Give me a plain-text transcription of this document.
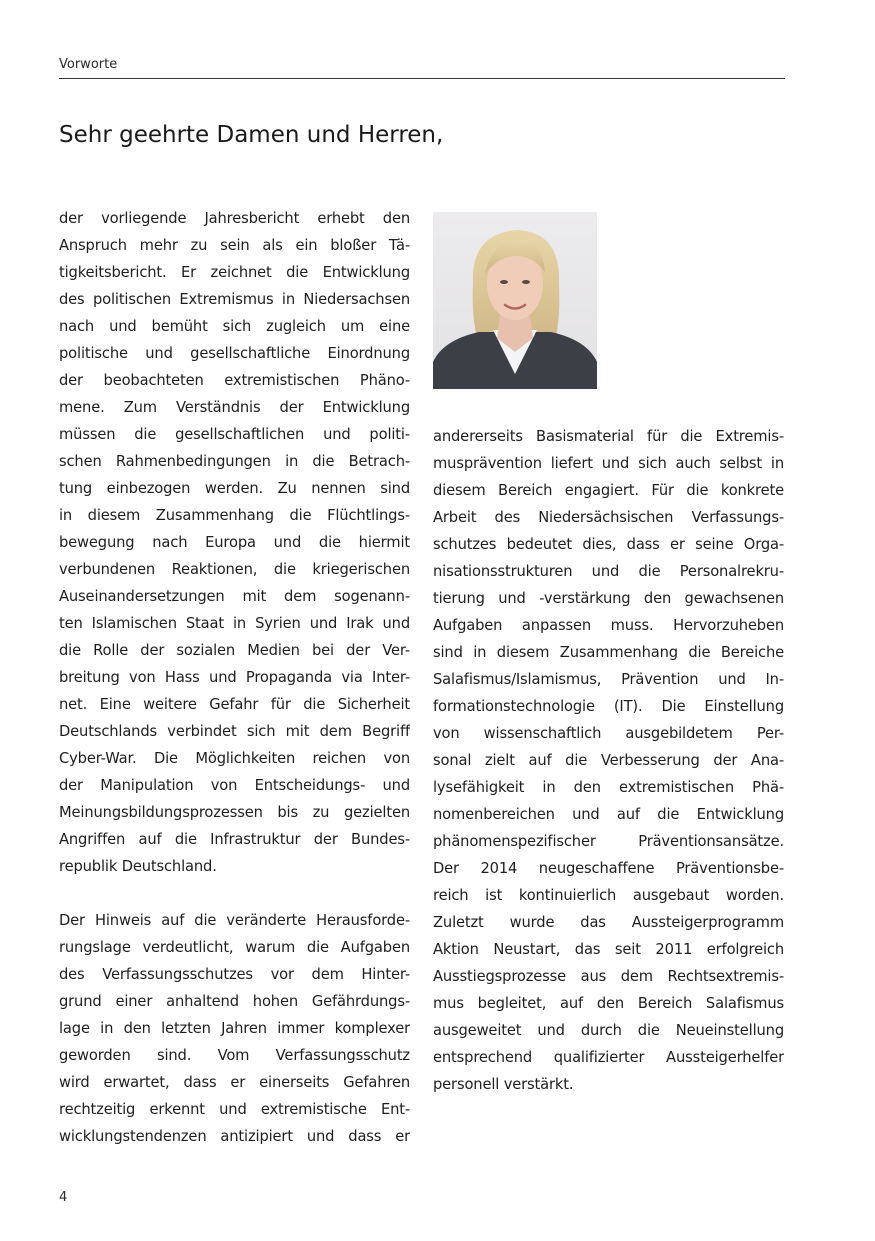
Vorworte
Sehr geehrte Damen und Herren,
der vorliegende Jahresbericht erhebt den
Anspruch mehr zu sein als ein bloßer Tä-
tigkeitsbericht. Er zeichnet die Entwicklung
des politischen Extremismus in Niedersachsen
nach und bemüht sich zugleich um eine
politische und gesellschaftliche Einordnung
der beobachteten extremistischen Phäno-
mene. Zum Verständnis der Entwicklung
müssen die gesellschaftlichen und politi-
schen Rahmenbedingungen in die Betrach-
tung einbezogen werden. Zu nennen sind
in diesem Zusammenhang die Flüchtlings-
bewegung nach Europa und die hiermit
verbundenen Reaktionen, die kriegerischen
Auseinandersetzungen mit dem sogenann-
ten Islamischen Staat in Syrien und Irak und
die Rolle der sozialen Medien bei der Ver-
breitung von Hass und Propaganda via Inter-
net. Eine weitere Gefahr für die Sicherheit
Deutschlands verbindet sich mit dem Begriff
Cyber-War. Die Möglichkeiten reichen von
der Manipulation von Entscheidungs- und
Meinungsbildungsprozessen bis zu gezielten
Angriffen auf die Infrastruktur der Bundes-
republik Deutschland.
Der Hinweis auf die veränderte Herausforde-
rungslage verdeutlicht, warum die Aufgaben
des Verfassungsschutzes vor dem Hinter-
grund einer anhaltend hohen Gefährdungs-
lage in den letzten Jahren immer komplexer
geworden sind. Vom Verfassungsschutz
wird erwartet, dass er einerseits Gefahren
rechtzeitig erkennt und extremistische Ent-
wicklungstendenzen antizipiert und dass er
andererseits Basismaterial für die Extremis-
musprävention liefert und sich auch selbst in
diesem Bereich engagiert. Für die konkrete
Arbeit des Niedersächsischen Verfassungs-
schutzes bedeutet dies, dass er seine Orga-
nisationsstrukturen und die Personalrekru-
tierung und -verstärkung den gewachsenen
Aufgaben anpassen muss. Hervorzuheben
sind in diesem Zusammenhang die Bereiche
Salafismus/Islamismus, Prävention und In-
formationstechnologie (IT). Die Einstellung
von wissenschaftlich ausgebildetem Per-
sonal zielt auf die Verbesserung der Ana-
lysefähigkeit in den extremistischen Phä-
nomenbereichen und auf die Entwicklung
phänomenspezifischer Präventionsansätze.
Der 2014 neugeschaffene Präventionsbe-
reich ist kontinuierlich ausgebaut worden.
Zuletzt wurde das Aussteigerprogramm
Aktion Neustart, das seit 2011 erfolgreich
Ausstiegsprozesse aus dem Rechtsextremis-
mus begleitet, auf den Bereich Salafismus
ausgeweitet und durch die Neueinstellung
entsprechend qualifizierter Aussteigerhelfer
personell verstärkt.
4
